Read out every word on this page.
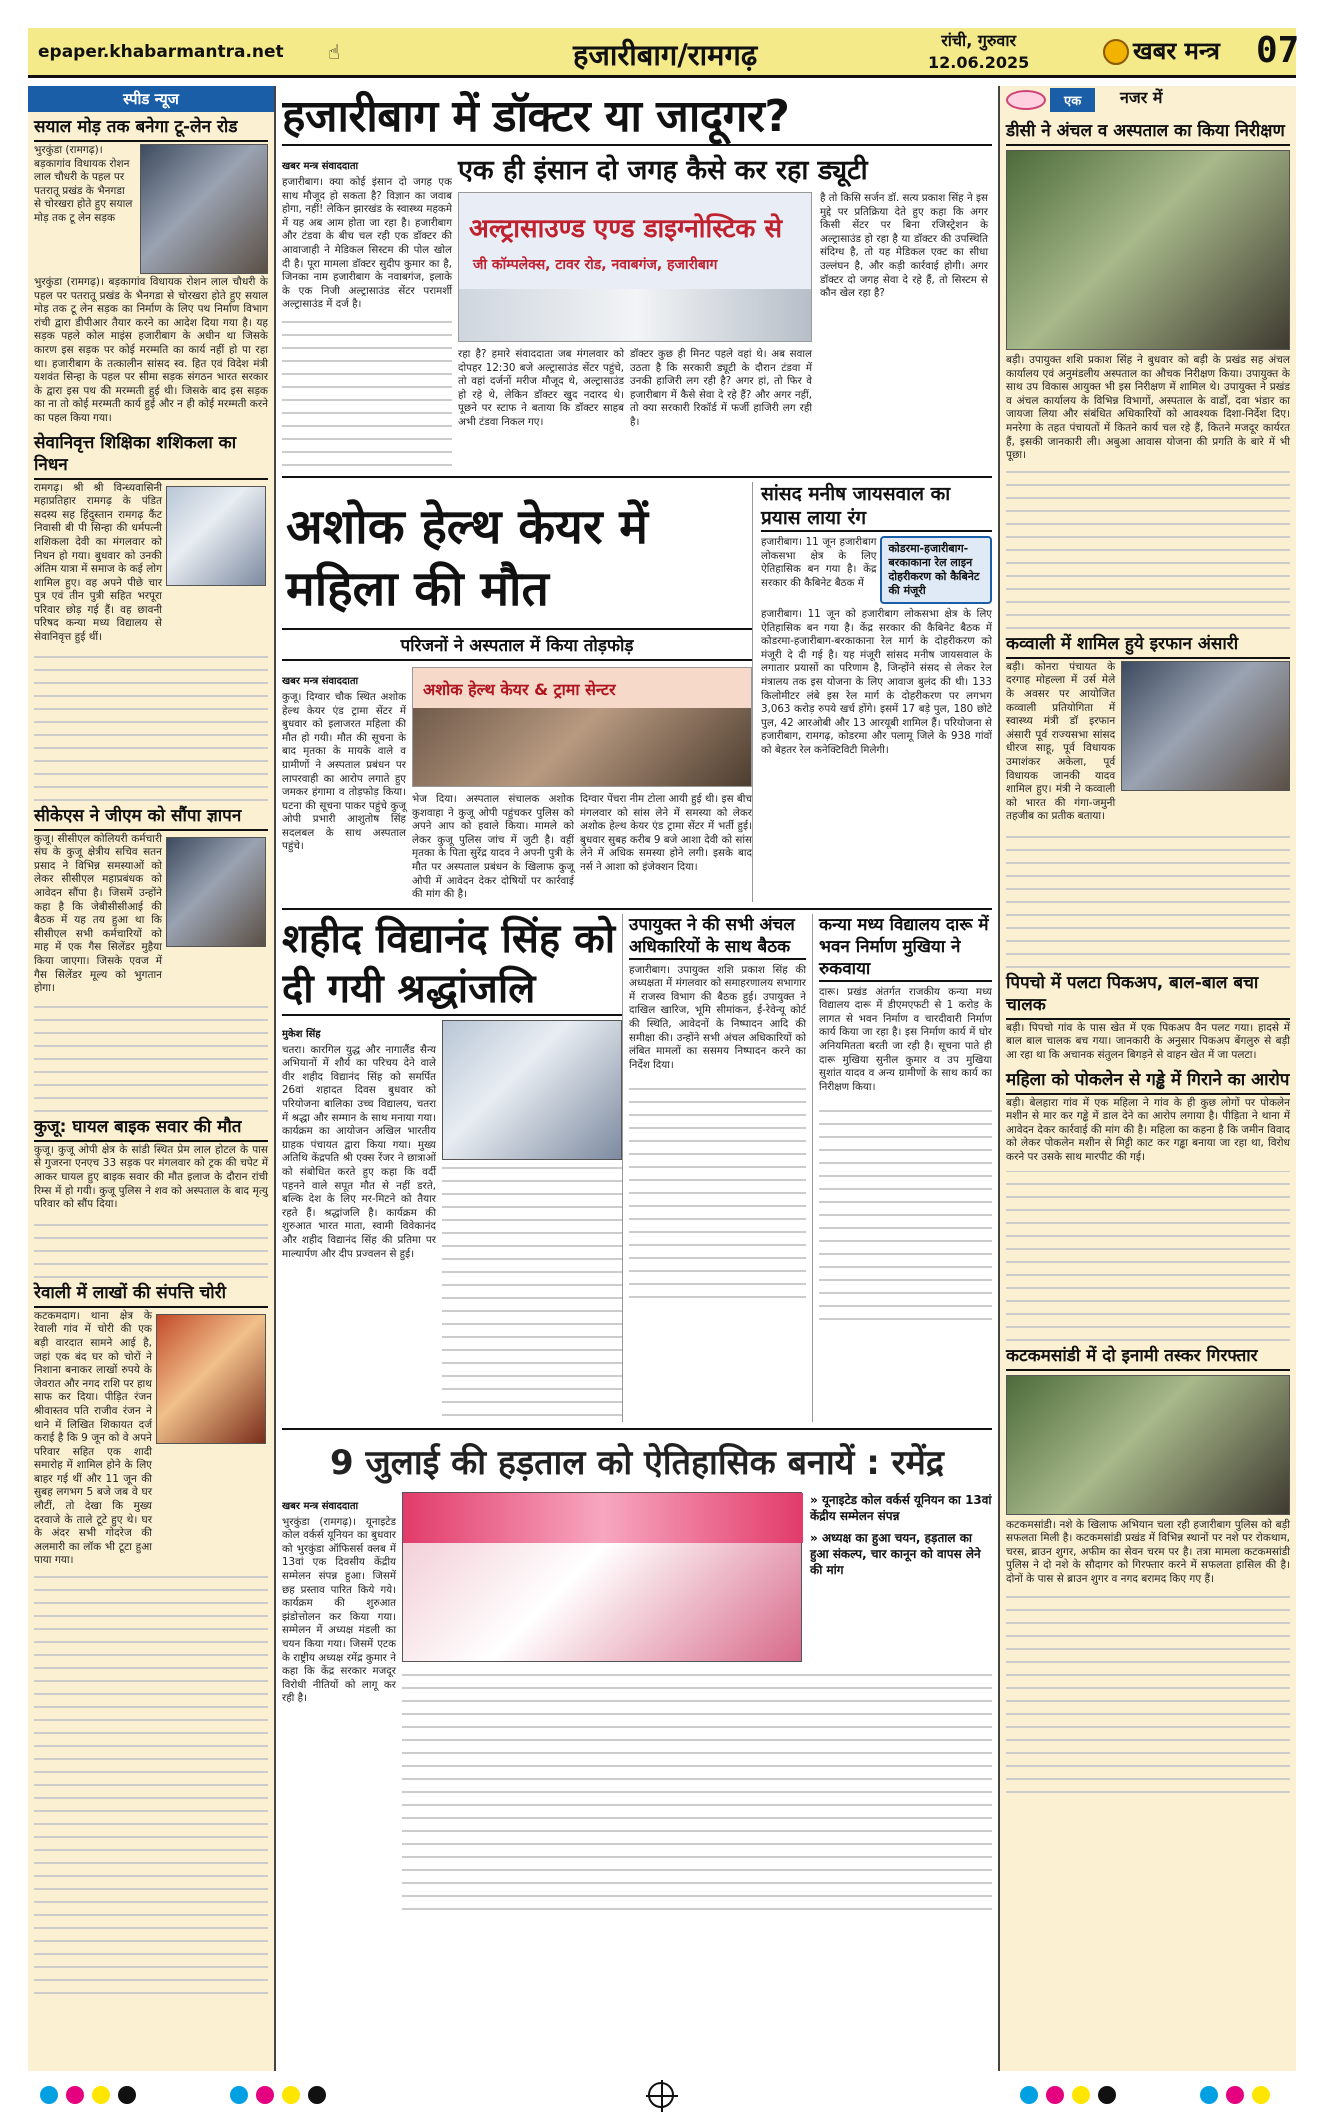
epaper.khabarmantra.net ☝	हजारीबाग/रामगढ़	रांची, गुरुवार
12.06.2025	खबर मन्त्र 07
स्पीड न्यूज
सयाल मोड़ तक बनेगा टू-लेन रोड
भुरकुंडा (रामगढ़)। बड़कागांव विधायक रोशन लाल चौधरी के पहल पर पतरातू प्रखंड के भैनगडा से चोरखरा होते हुए सयाल मोड़ तक टू लेन सड़क
भुरकुंडा (रामगढ़)। बड़कागांव विधायक रोशन लाल चौधरी के पहल पर पतरातू प्रखंड के भैनगडा से चोरखरा होते हुए सयाल मोड़ तक टू लेन सड़क का निर्माण के लिए पथ निर्माण विभाग रांची द्वारा डीपीआर तैयार करने का आदेश दिया गया है। यह सड़क पहले कोल माइंस हजारीबाग के अधीन था जिसके कारण इस सड़क पर कोई मरम्मति का कार्य नहीं हो पा रहा था। हजारीबाग के तत्कालीन सांसद स्व. हित एवं विदेश मंत्री यशवंत सिन्हा के पहल पर सीमा सड़क संगठन भारत सरकार के द्वारा इस पथ की मरम्मती हुई थी। जिसके बाद इस सड़क का ना तो कोई मरम्मती कार्य हुई और न ही कोई मरम्मती करने का पहल किया गया।
सेवानिवृत्त शिक्षिका शशिकला का निधन
रामगढ़। श्री श्री विन्ध्यवासिनी महाप्रतिहार रामगढ़ के पंडित सदस्य सह हिंदुस्तान रामगढ़ कैंट निवासी बी पी सिन्हा की धर्मपत्नी शशिकला देवी का मंगलवार को निधन हो गया। बुधवार को उनकी अंतिम यात्रा में समाज के कई लोग शामिल हुए। वह अपने पीछे चार पुत्र एवं तीन पुत्री सहित भरपूरा परिवार छोड़ गई हैं। वह छावनी परिषद कन्या मध्य विद्यालय से सेवानिवृत्त हुई थीं।
सीकेएस ने जीएम को सौंपा ज्ञापन
कुजू। सीसीएल कोलियरी कर्मचारी संघ के कुजू क्षेत्रीय सचिव सतन प्रसाद ने विभिन्न समस्याओं को लेकर सीसीएल महाप्रबंधक को आवेदन सौंपा है। जिसमें उन्होंने कहा है कि जेबीसीसीआई की बैठक में यह तय हुआ था कि सीसीएल सभी कर्मचारियों को माह में एक गैस सिलेंडर मुहैया किया जाएगा। जिसके एवज में गैस सिलेंडर मूल्य को भुगतान होगा।
कुजू: घायल बाइक सवार की मौत
कुजू। कुजू ओपी क्षेत्र के सांडी स्थित प्रेम लाल होटल के पास से गुजरना एनएच 33 सड़क पर मंगलवार को ट्रक की चपेट में आकर घायल हुए बाइक सवार की मौत इलाज के दौरान रांची रिम्स में हो गयी। कुजू पुलिस ने शव को अस्पताल के बाद मृत्यु परिवार को सौंप दिया।
रेवाली में लाखों की संपत्ति चोरी
कटकमदाग। थाना क्षेत्र के रेवाली गांव में चोरी की एक बड़ी वारदात सामने आई है, जहां एक बंद घर को चोरों ने निशाना बनाकर लाखों रुपये के जेवरात और नगद राशि पर हाथ साफ कर दिया। पीड़ित रंजन श्रीवास्तव पति राजीव रंजन ने थाने में लिखित शिकायत दर्ज कराई है कि 9 जून को वे अपने परिवार सहित एक शादी समारोह में शामिल होने के लिए बाहर गई थीं और 11 जून की सुबह लगभग 5 बजे जब वे घर लौटीं, तो देखा कि मुख्य दरवाजे के ताले टूटे हुए थे। घर के अंदर सभी गोदरेज की अलमारी का लॉक भी टूटा हुआ पाया गया।
हजारीबाग में डॉक्टर या जादूगर?
खबर मन्त्र संवाददाता
हजारीबाग। क्या कोई इंसान दो जगह एक साथ मौजूद हो सकता है? विज्ञान का जवाब होगा, नहीं! लेकिन झारखंड के स्वास्थ्य महकमे में यह अब आम होता जा रहा है। हजारीबाग और टंडवा के बीच चल रही एक डॉक्टर की आवाजाही ने मेडिकल सिस्टम की पोल खोल दी है। पूरा मामला डॉक्टर सुदीप कुमार का है, जिनका नाम हजारीबाग के नवाबगंज, इलाके के एक निजी अल्ट्रासाउंड सेंटर परामर्शी अल्ट्रासाउंड में दर्ज है।
एक ही इंसान दो जगह कैसे कर रहा ड्यूटी
अल्ट्रासाउण्ड एण्ड डाइग्नोस्टिक से
जी कॉम्पलेक्स, टावर रोड, नवाबगंज, हजारीबाग
रहा है? हमारे संवाददाता जब मंगलवार को दोपहर 12:30 बजे अल्ट्रासाउंड सेंटर पहुंचे, तो वहां दर्जनों मरीज मौजूद थे, अल्ट्रासाउंड हो रहे थे, लेकिन डॉक्टर खुद नदारद थे। पूछने पर स्टाफ ने बताया कि डॉक्टर साहब अभी टंडवा निकल गए।
डॉक्टर कुछ ही मिनट पहले वहां थे। अब सवाल उठता है कि सरकारी ड्यूटी के दौरान टंडवा में उनकी हाजिरी लग रही है? अगर हां, तो फिर वे हजारीबाग में कैसे सेवा दे रहे हैं? और अगर नहीं, तो क्या सरकारी रिकॉर्ड में फर्जी हाजिरी लग रही है।
है तो किसि सर्जन डॉ. सत्य प्रकाश सिंह ने इस मुद्दे पर प्रतिक्रिया देते हुए कहा कि अगर किसी सेंटर पर बिना रजिस्ट्रेशन के अल्ट्रासाउंड हो रहा है या डॉक्टर की उपस्थिति संदिग्ध है, तो यह मेडिकल एक्ट का सीधा उल्लंघन है, और कड़ी कार्रवाई होगी। अगर डॉक्टर दो जगह सेवा दे रहे हैं, तो सिस्टम से कौन खेल रहा है?
अशोक हेल्थ केयर में महिला की मौत
परिजनों ने अस्पताल में किया तोड़फोड़
खबर मन्त्र संवाददाता
कुजू। दिग्वार चौक स्थित अशोक हेल्थ केयर एंड ट्रामा सेंटर में बुधवार को इलाजरत महिला की मौत हो गयी। मौत की सूचना के बाद मृतका के मायके वाले व ग्रामीणों ने अस्पताल प्रबंधन पर लापरवाही का आरोप लगाते हुए जमकर हंगामा व तोड़फोड़ किया। घटना की सूचना पाकर पहुंचे कुजू ओपी प्रभारी आशुतोष सिंह सदलबल के साथ अस्पताल पहुंचे।
अशोक हेल्थ केयर & ट्रामा सेन्टर
भेज दिया। अस्पताल संचालक अशोक कुशवाहा ने कुजू ओपी पहुंचकर पुलिस को अपने आप को हवाले किया। मामले को लेकर कुजू पुलिस जांच में जुटी है। वहीं मृतका के पिता सुरेंद्र यादव ने अपनी पुत्री के मौत पर अस्पताल प्रबंधन के खिलाफ कुजू ओपी में आवेदन देकर दोषियों पर कार्रवाई की मांग की है।
दिग्वार पेंचरा नीम टोला आयी हुई थी। इस बीच मंगलवार को सांस लेने में समस्या को लेकर अशोक हेल्थ केयर एंड ट्रामा सेंटर में भर्ती हुई। बुधवार सुबह करीब 9 बजे आशा देवी को सांस लेने में अधिक समस्या होने लगी। इसके बाद नर्स ने आशा को इंजेक्शन दिया।
सांसद मनीष जायसवाल का प्रयास लाया रंग
हजारीबाग। 11 जून हजारीबाग लोकसभा क्षेत्र के लिए ऐतिहासिक बन गया है। केंद्र सरकार की कैबिनेट बैठक में
कोडरमा-हजारीबाग-बरकाकाना रेल लाइन दोहरीकरण को कैबिनेट की मंजूरी
हजारीबाग। 11 जून को हजारीबाग लोकसभा क्षेत्र के लिए ऐतिहासिक बन गया है। केंद्र सरकार की कैबिनेट बैठक में कोडरमा-हजारीबाग-बरकाकाना रेल मार्ग के दोहरीकरण को मंजूरी दे दी गई है। यह मंजूरी सांसद मनीष जायसवाल के लगातार प्रयासों का परिणाम है, जिन्होंने संसद से लेकर रेल मंत्रालय तक इस योजना के लिए आवाज बुलंद की थी। 133 किलोमीटर लंबे इस रेल मार्ग के दोहरीकरण पर लगभग 3,063 करोड़ रुपये खर्च होंगे। इसमें 17 बड़े पुल, 180 छोटे पुल, 42 आरओबी और 13 आरयूबी शामिल हैं। परियोजना से हजारीबाग, रामगढ़, कोडरमा और पलामू जिले के 938 गांवों को बेहतर रेल कनेक्टिविटी मिलेगी।
शहीद विद्यानंद सिंह को दी गयी श्रद्धांजलि
मुकेश सिंह
चतरा। कारगिल युद्ध और नागालैंड सैन्य अभियानों में शौर्य का परिचय देने वाले वीर शहीद विद्यानंद सिंह को समर्पित 26वां शहादत दिवस बुधवार को परियोजना बालिका उच्च विद्यालय, चतरा में श्रद्धा और सम्मान के साथ मनाया गया। कार्यक्रम का आयोजन अखिल भारतीय ग्राहक पंचायत द्वारा किया गया। मुख्य अतिथि केंद्रपति श्री एक्स रेंजर ने छात्राओं को संबोधित करते हुए कहा कि वर्दी पहनने वाले सपूत मौत से नहीं डरते, बल्कि देश के लिए मर-मिटने को तैयार रहते हैं। श्रद्धांजलि है। कार्यक्रम की शुरुआत भारत माता, स्वामी विवेकानंद और शहीद विद्यानंद सिंह की प्रतिमा पर माल्यार्पण और दीप प्रज्वलन से हुई।
उपायुक्त ने की सभी अंचल अधिकारियों के साथ बैठक
हजारीबाग। उपायुक्त शशि प्रकाश सिंह की अध्यक्षता में मंगलवार को समाहरणालय सभागार में राजस्व विभाग की बैठक हुई। उपायुक्त ने दाखिल खारिज, भूमि सीमांकन, ई-रेवेन्यू कोर्ट की स्थिति, आवेदनों के निष्पादन आदि की समीक्षा की। उन्होंने सभी अंचल अधिकारियों को लंबित मामलों का ससमय निष्पादन करने का निर्देश दिया।
कन्या मध्य विद्यालय दारू में भवन निर्माण मुखिया ने रुकवाया
दारू। प्रखंड अंतर्गत राजकीय कन्या मध्य विद्यालय दारू में डीएमएफटी से 1 करोड़ के लागत से भवन निर्माण व चारदीवारी निर्माण कार्य किया जा रहा है। इस निर्माण कार्य में घोर अनियमितता बरती जा रही है। सूचना पाते ही दारू मुखिया सुनील कुमार व उप मुखिया सुशांत यादव व अन्य ग्रामीणों के साथ कार्य का निरीक्षण किया।
9 जुलाई की हड़ताल को ऐतिहासिक बनायें : रमेंद्र
खबर मन्त्र संवाददाता
भुरकुंडा (रामगढ़)। यूनाइटेड कोल वर्कर्स यूनियन का बुधवार को भुरकुंडा ऑफिसर्स क्लब में 13वां एक दिवसीय केंद्रीय सम्मेलन संपन्न हुआ। जिसमें छह प्रस्ताव पारित किये गये। कार्यक्रम की शुरुआत झंडोत्तोलन कर किया गया। सम्मेलन में अध्यक्ष मंडली का चयन किया गया। जिसमें एटक के राष्ट्रीय अध्यक्ष रमेंद्र कुमार ने कहा कि केंद्र सरकार मजदूर विरोधी नीतियों को लागू कर रही है।
» यूनाइटेड कोल वर्कर्स यूनियन का 13वां केंद्रीय सम्मेलन संपन्न
» अध्यक्ष का हुआ चयन, हड़ताल का हुआ संकल्प, चार कानून को वापस लेने की मांग
एक	नजर में
डीसी ने अंचल व अस्पताल का किया निरीक्षण
बड़ी। उपायुक्त शशि प्रकाश सिंह ने बुधवार को बड़ी के प्रखंड सह अंचल कार्यालय एवं अनुमंडलीय अस्पताल का औचक निरीक्षण किया। उपायुक्त के साथ उप विकास आयुक्त भी इस निरीक्षण में शामिल थे। उपायुक्त ने प्रखंड व अंचल कार्यालय के विभिन्न विभागों, अस्पताल के वार्डों, दवा भंडार का जायजा लिया और संबंधित अधिकारियों को आवश्यक दिशा-निर्देश दिए। मनरेगा के तहत पंचायतों में कितने कार्य चल रहे हैं, कितने मजदूर कार्यरत हैं, इसकी जानकारी ली। अबुआ आवास योजना की प्रगति के बारे में भी पूछा।
कव्वाली में शामिल हुये इरफान अंसारी
बड़ी। कोनरा पंचायत के दरगाह मोहल्ला में उर्स मेले के अवसर पर आयोजित कव्वाली प्रतियोगिता में स्वास्थ्य मंत्री डॉ इरफान अंसारी पूर्व राज्यसभा सांसद धीरज साहू, पूर्व विधायक उमाशंकर अकेला, पूर्व विधायक जानकी यादव शामिल हुए। मंत्री ने कव्वाली को भारत की गंगा-जमुनी तहजीब का प्रतीक बताया।
पिपचो में पलटा पिकअप, बाल-बाल बचा चालक
बड़ी। पिपचो गांव के पास खेत में एक पिकअप वैन पलट गया। हादसे में बाल बाल चालक बच गया। जानकारी के अनुसार पिकअप बेंगलुरु से बड़ी आ रहा था कि अचानक संतुलन बिगड़ने से वाहन खेत में जा पलटा।
महिला को पोकलेन से गड्ढे में गिराने का आरोप
बड़ी। बेलहारा गांव में एक महिला ने गांव के ही कुछ लोगों पर पोकलेन मशीन से मार कर गड्ढे में डाल देने का आरोप लगाया है। पीड़िता ने थाना में आवेदन देकर कार्रवाई की मांग की है। महिला का कहना है कि जमीन विवाद को लेकर पोकलेन मशीन से मिट्टी काट कर गड्ढा बनाया जा रहा था, विरोध करने पर उसके साथ मारपीट की गई।
कटकमसांडी में दो इनामी तस्कर गिरफ्तार
कटकमसांडी। नशे के खिलाफ अभियान चला रही हजारीबाग पुलिस को बड़ी सफलता मिली है। कटकमसांडी प्रखंड में विभिन्न स्थानों पर नशे पर रोकथाम, चरस, ब्राउन शुगर, अफीम का सेवन चरम पर है। तत्रा मामला कटकमसांडी पुलिस ने दो नशे के सौदागर को गिरफ्तार करने में सफलता हासिल की है। दोनों के पास से ब्राउन शुगर व नगद बरामद किए गए हैं।
